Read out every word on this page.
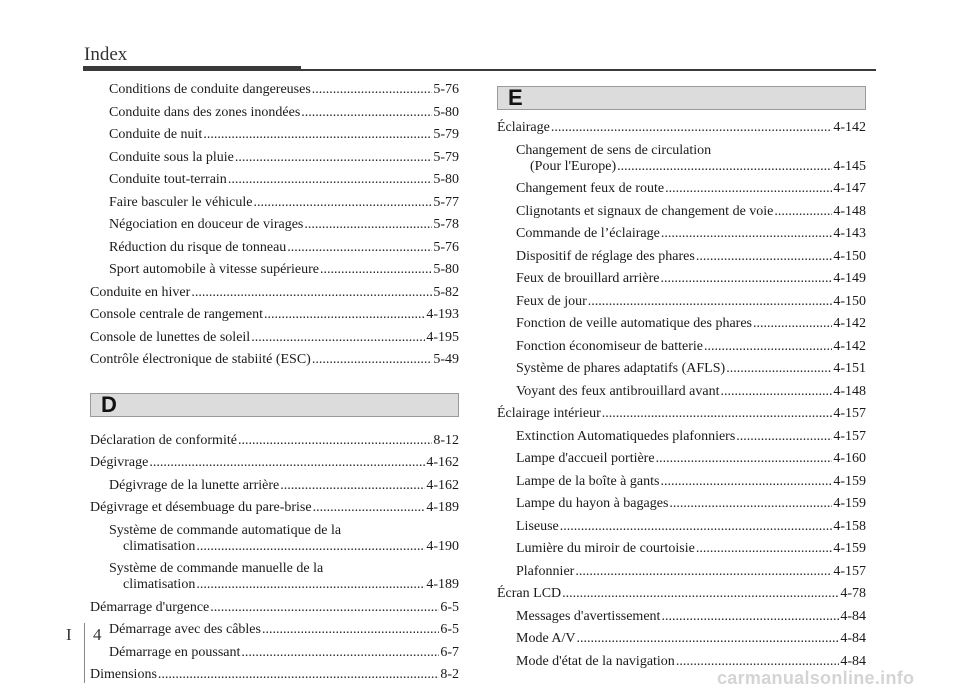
Index
Conditions de conduite dangereuses .....	5-76
Conduite dans des zones inondées .....	5-80
Conduite de nuit .....	5-79
Conduite sous la pluie .....	5-79
Conduite tout-terrain .....	5-80
Faire basculer le véhicule .....	5-77
Négociation en douceur de virages .....	5-78
Réduction du risque de tonneau .....	5-76
Sport automobile à vitesse supérieure .....	5-80
Conduite en hiver .....	5-82
Console centrale de rangement .....	4-193
Console de lunettes de soleil .....	4-195
Contrôle électronique de stabiité (ESC) .....	5-49
D
Déclaration de conformité .....	8-12
Dégivrage .....	4-162
Dégivrage de la lunette arrière .....	4-162
Dégivrage et désembuage du pare-brise .....	4-189
Système de commande automatique de la
climatisation .....	4-190
Système de commande manuelle de la
climatisation .....	4-189
Démarrage d'urgence .....	6-5
Démarrage avec des câbles .....	6-5
Démarrage en poussant .....	6-7
Dimensions .....	8-2
E
Éclairage .....	4-142
Changement de sens de circulation
(Pour l'Europe) .....	4-145
Changement feux de route .....	4-147
Clignotants et signaux de changement de voie .....	4-148
Commande de l’éclairage .....	4-143
Dispositif de réglage des phares .....	4-150
Feux de brouillard arrière .....	4-149
Feux de jour .....	4-150
Fonction de veille automatique des phares .....	4-142
Fonction économiseur de batterie .....	4-142
Système de phares adaptatifs (AFLS) .....	4-151
Voyant des feux antibrouillard avant .....	4-148
Éclairage intérieur .....	4-157
Extinction Automatiquedes plafonniers .....	4-157
Lampe d'accueil portière .....	4-160
Lampe de la boîte à gants .....	4-159
Lampe du hayon à bagages .....	4-159
Liseuse .....	4-158
Lumière du miroir de courtoisie .....	4-159
Plafonnier .....	4-157
Écran LCD .....	4-78
Messages d'avertissement .....	4-84
Mode A/V .....	4-84
Mode d'état de la navigation .....	4-84
I 4
carmanualsonline.info
